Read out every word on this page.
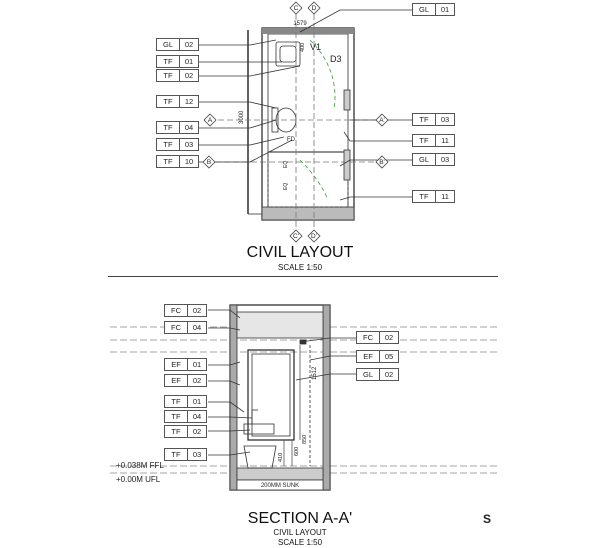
C D
C' D'
A	A'
B	B'
1579
3000
400 V1
D3
FD
EQ
EQ
1512
600
410
850
200MM SUNK
+0.038M FFL
+0.00M UFL
S
GL	02
TF	01
TF	02
TF	12
TF	04
TF	03
TF	10
GL	01
TF	03
TF	11
GL	03
TF	11
CIVIL LAYOUT
SCALE 1:50
FC	02
FC	04
EF	01
EF	02
TF	01
TF	04
TF	02
TF	03
FC	02
EF	05
GL	02
SECTION A-A'
CIVIL LAYOUT
SCALE 1:50
